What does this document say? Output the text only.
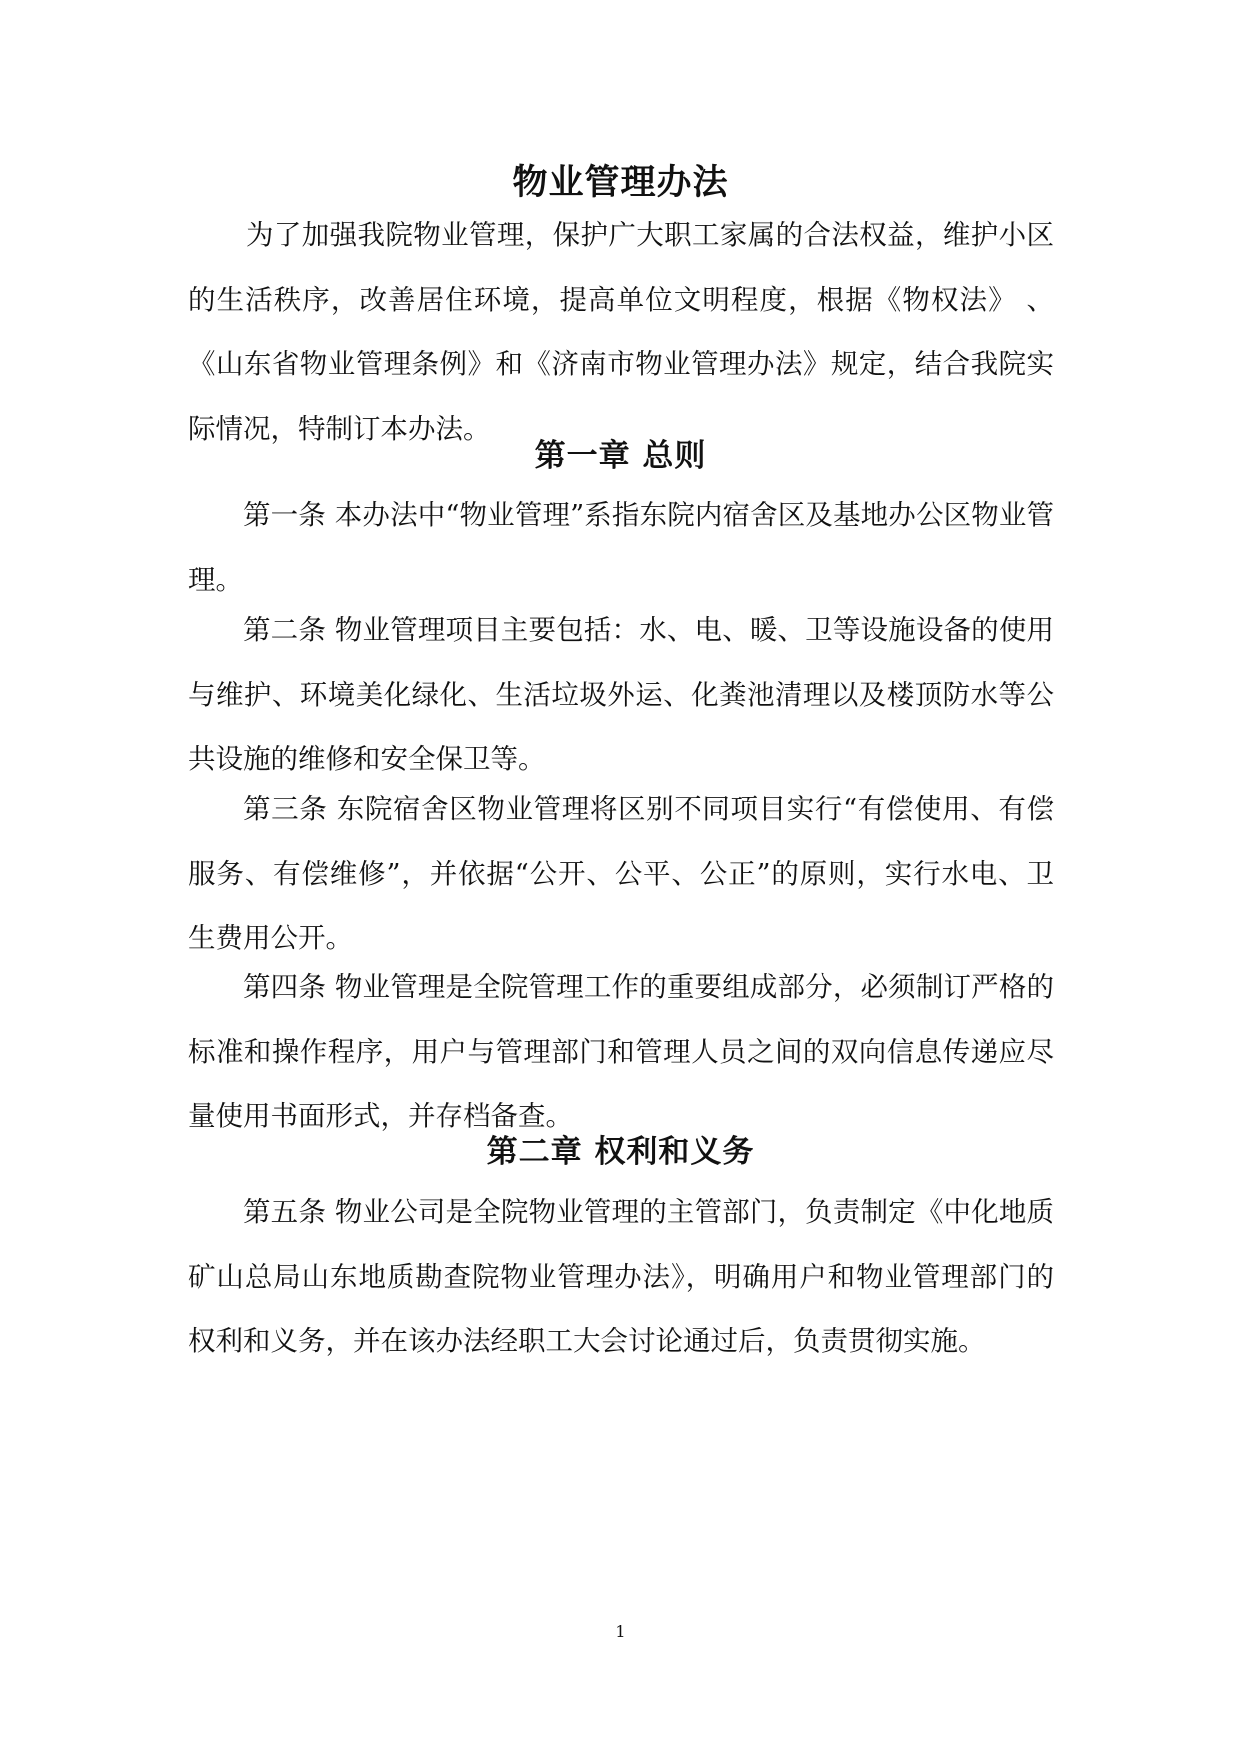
物业管理办法

为了加强我院物业管理，保护广大职工家属的合法权益，维护小区的生活秩序，改善居住环境，提高单位文明程度，根据《物权法》 、《山东省物业管理条例》和《济南市物业管理办法》规定，结合我院实际情况，特制订本办法。

第一章 总则

第一条 本办法中“物业管理”系指东院内宿舍区及基地办公区物业管理。

第二条 物业管理项目主要包括：水、电、暖、卫等设施设备的使用与维护、环境美化绿化、生活垃圾外运、化粪池清理以及楼顶防水等公共设施的维修和安全保卫等。

第三条 东院宿舍区物业管理将区别不同项目实行“有偿使用、有偿服务、有偿维修”，并依据“公开、公平、公正”的原则，实行水电、卫生费用公开。

第四条 物业管理是全院管理工作的重要组成部分，必须制订严格的标准和操作程序，用户与管理部门和管理人员之间的双向信息传递应尽量使用书面形式，并存档备查。

第二章 权利和义务

第五条 物业公司是全院物业管理的主管部门，负责制定《中化地质矿山总局山东地质勘查院物业管理办法》，明确用户和物业管理部门的权利和义务，并在该办法经职工大会讨论通过后，负责贯彻实施。

1
